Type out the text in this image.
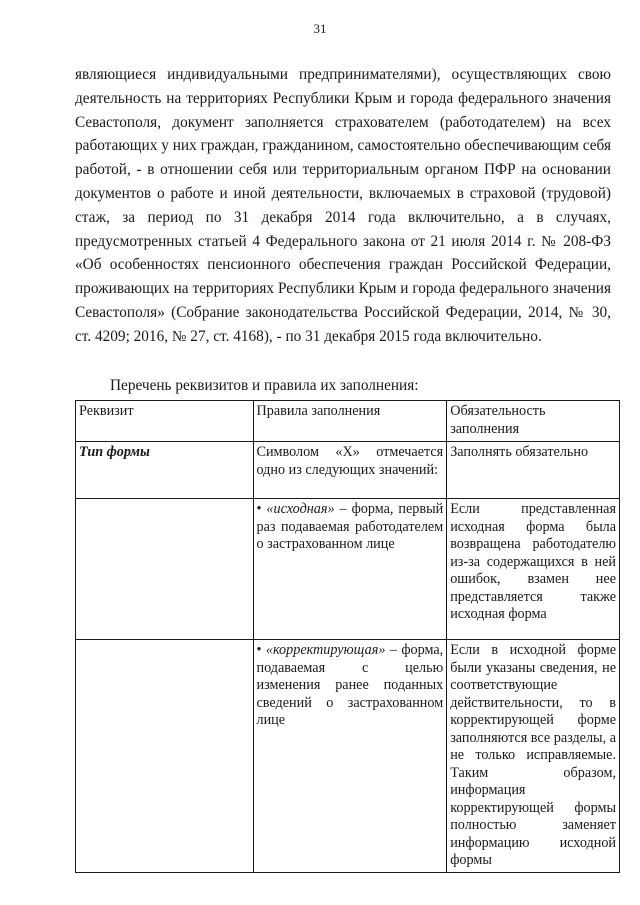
31
являющиеся индивидуальными предпринимателями), осуществляющих свою
деятельность на территориях Республики Крым и города федерального значения
Севастополя, документ заполняется страхователем (работодателем) на всех
работающих у них граждан, гражданином, самостоятельно обеспечивающим себя
работой, - в отношении себя или территориальным органом ПФР на основании
документов о работе и иной деятельности, включаемых в страховой (трудовой)
стаж, за период по 31 декабря 2014 года включительно, а в случаях,
предусмотренных статьей 4 Федерального закона от 21 июля 2014 г. № 208-ФЗ
«Об особенностях пенсионного обеспечения граждан Российской Федерации,
проживающих на территориях Республики Крым и города федерального значения
Севастополя» (Собрание законодательства Российской Федерации, 2014, № 30,
ст. 4209; 2016, № 27, ст. 4168), - по 31 декабря 2015 года включительно.

Перечень реквизитов и правила их заполнения:

Реквизит	Правила заполнения	Обязательность заполнения
Тип формы	Символом «Х» отмечается одно из следующих значений:	Заполнять обязательно
	• «исходная» – форма, первый раз подаваемая работодателем о застрахованном лице	Если представленная исходная форма была возвращена работодателю из-за содержащихся в ней ошибок, взамен нее представляется также исходная форма
	• «корректирующая» – форма, подаваемая с целью изменения ранее поданных сведений о застрахованном лице	Если в исходной форме были указаны сведения, не соответствующие действительности, то в корректирующей форме заполняются все разделы, а не только исправляемые. Таким образом, информация корректирующей формы полностью заменяет информацию исходной формы
